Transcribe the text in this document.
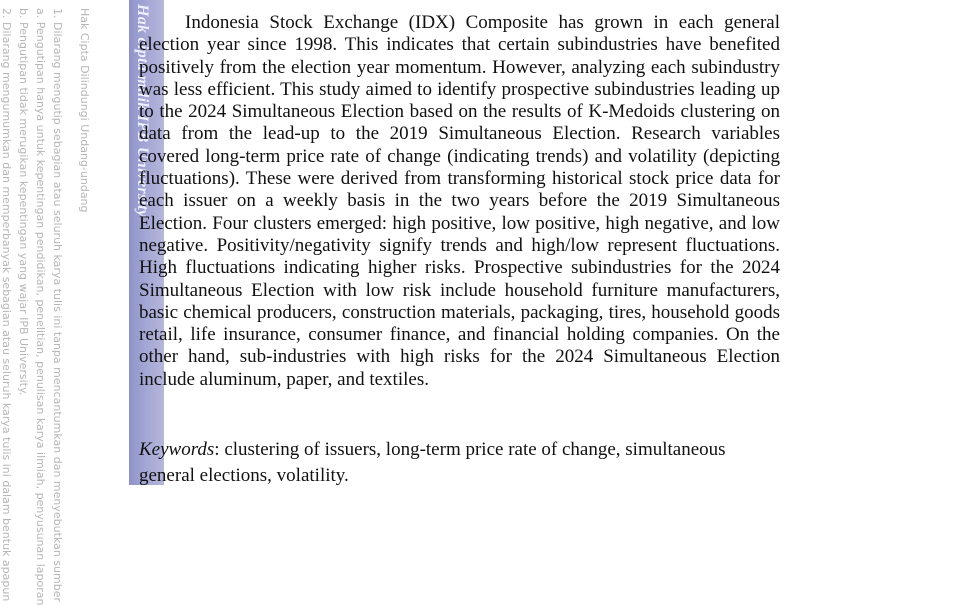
2. Dilarang mengumumkan dan memperbanyak sebagian atau seluruh karya tulis ini dalam bentuk apapun b. Pengutipan tidak merugikan kepentingan yang wajar IPB University. a. Pengutipan hanya untuk kepentingan pendidikan, penelitian, penulisan karya ilmiah, penyusunan laporan 1. Dilarang mengutip sebagian atau seluruh karya tulis ini tanpa mencantumkan dan menyebutkan sumber Hak Cipta Dilindungi Undang-undang	Hak cipta milik IPB University	Indonesia Stock Exchange (IDX) Composite has grown in each general election year since 1998. This indicates that certain subindustries have benefited positively from the election year momentum. However, analyzing each subindustry was less efficient. This study aimed to identify prospective subindustries leading up to the 2024 Simultaneous Election based on the results of K-Medoids clustering on data from the lead-up to the 2019 Simultaneous Election. Research variables covered long-term price rate of change (indicating trends) and volatility (depicting fluctuations). These were derived from transforming historical stock price data for each issuer on a weekly basis in the two years before the 2019 Simultaneous Election. Four clusters emerged: high positive, low positive, high negative, and low negative. Positivity/negativity signify trends and high/low represent fluctuations. High fluctuations indicating higher risks. Prospective subindustries for the 2024 Simultaneous Election with low risk include household furniture manufacturers, basic chemical producers, construction materials, packaging, tires, household goods retail, life insurance, consumer finance, and financial holding companies. On the other hand, sub-industries with high risks for the 2024 Simultaneous Election include aluminum, paper, and textiles.

Keywords: clustering of issuers, long-term price rate of change, simultaneous general elections, volatility.
